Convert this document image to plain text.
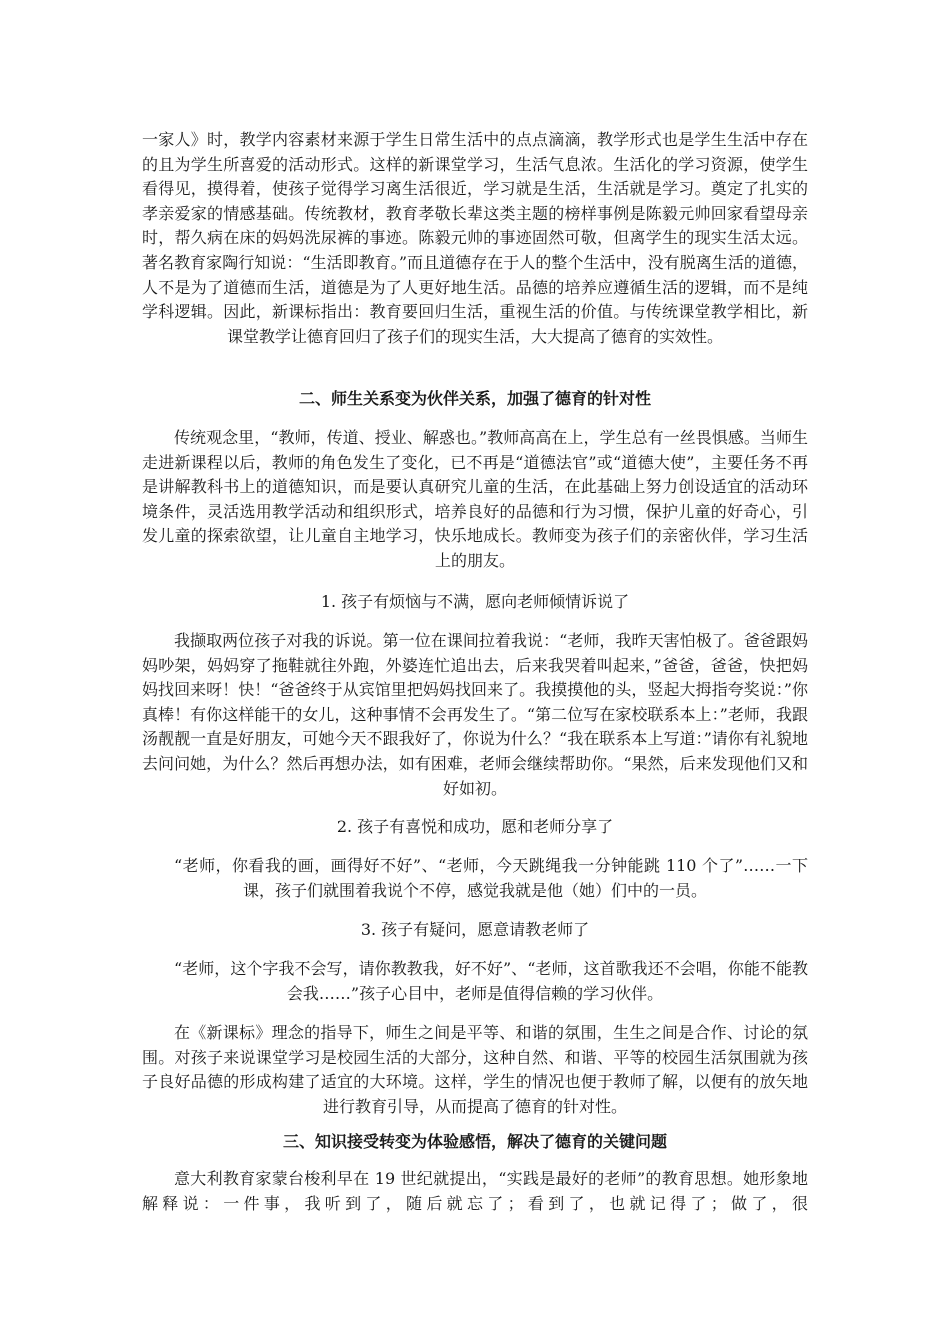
一家人》时，教学内容素材来源于学生日常生活中的点点滴滴，教学形式也是学生生活中存在的且为学生所喜爱的活动形式。这样的新课堂学习，生活气息浓。生活化的学习资源，使学生看得见，摸得着，使孩子觉得学习离生活很近，学习就是生活，生活就是学习。奠定了扎实的孝亲爱家的情感基础。传统教材，教育孝敬长辈这类主题的榜样事例是陈毅元帅回家看望母亲时，帮久病在床的妈妈洗尿裤的事迹。陈毅元帅的事迹固然可敬，但离学生的现实生活太远。著名教育家陶行知说：“生活即教育。”而且道德存在于人的整个生活中，没有脱离生活的道德，人不是为了道德而生活，道德是为了人更好地生活。品德的培养应遵循生活的逻辑，而不是纯学科逻辑。因此，新课标指出：教育要回归生活，重视生活的价值。与传统课堂教学相比，新课堂教学让德育回归了孩子们的现实生活，大大提高了德育的实效性。

二、师生关系变为伙伴关系，加强了德育的针对性

传统观念里，“教师，传道、授业、解惑也。”教师高高在上，学生总有一丝畏惧感。当师生走进新课程以后，教师的角色发生了变化，已不再是“道德法官”或“道德大使”，主要任务不再是讲解教科书上的道德知识，而是要认真研究儿童的生活，在此基础上努力创设适宜的活动环境条件，灵活选用教学活动和组织形式，培养良好的品德和行为习惯，保护儿童的好奇心，引发儿童的探索欲望，让儿童自主地学习，快乐地成长。教师变为孩子们的亲密伙伴，学习生活上的朋友。

1. 孩子有烦恼与不满，愿向老师倾情诉说了

我撷取两位孩子对我的诉说。第一位在课间拉着我说：“老师，我昨天害怕极了。爸爸跟妈妈吵架，妈妈穿了拖鞋就往外跑，外婆连忙追出去，后来我哭着叫起来，”爸爸，爸爸，快把妈妈找回来呀！快！“爸爸终于从宾馆里把妈妈找回来了。我摸摸他的头，竖起大拇指夸奖说：”你真棒！有你这样能干的女儿，这种事情不会再发生了。“第二位写在家校联系本上：”老师，我跟汤靓靓一直是好朋友，可她今天不跟我好了，你说为什么？“我在联系本上写道：”请你有礼貌地去问问她，为什么？然后再想办法，如有困难，老师会继续帮助你。“果然，后来发现他们又和好如初。

2. 孩子有喜悦和成功，愿和老师分享了

“老师，你看我的画，画得好不好”、“老师，今天跳绳我一分钟能跳 110 个了”……一下课，孩子们就围着我说个不停，感觉我就是他（她）们中的一员。

3. 孩子有疑问，愿意请教老师了

“老师，这个字我不会写，请你教教我，好不好”、“老师，这首歌我还不会唱，你能不能教会我……”孩子心目中，老师是值得信赖的学习伙伴。

在《新课标》理念的指导下，师生之间是平等、和谐的氛围，生生之间是合作、讨论的氛围。对孩子来说课堂学习是校园生活的大部分，这种自然、和谐、平等的校园生活氛围就为孩子良好品德的形成构建了适宜的大环境。这样，学生的情况也便于教师了解，以便有的放矢地进行教育引导，从而提高了德育的针对性。

三、知识接受转变为体验感悟，解决了德育的关键问题

意大利教育家蒙台梭利早在 19 世纪就提出，“实践是最好的老师”的教育思想。她形象地解释说：一件事，我听到了，随后就忘了；看到了，也就记得了；做了，很
